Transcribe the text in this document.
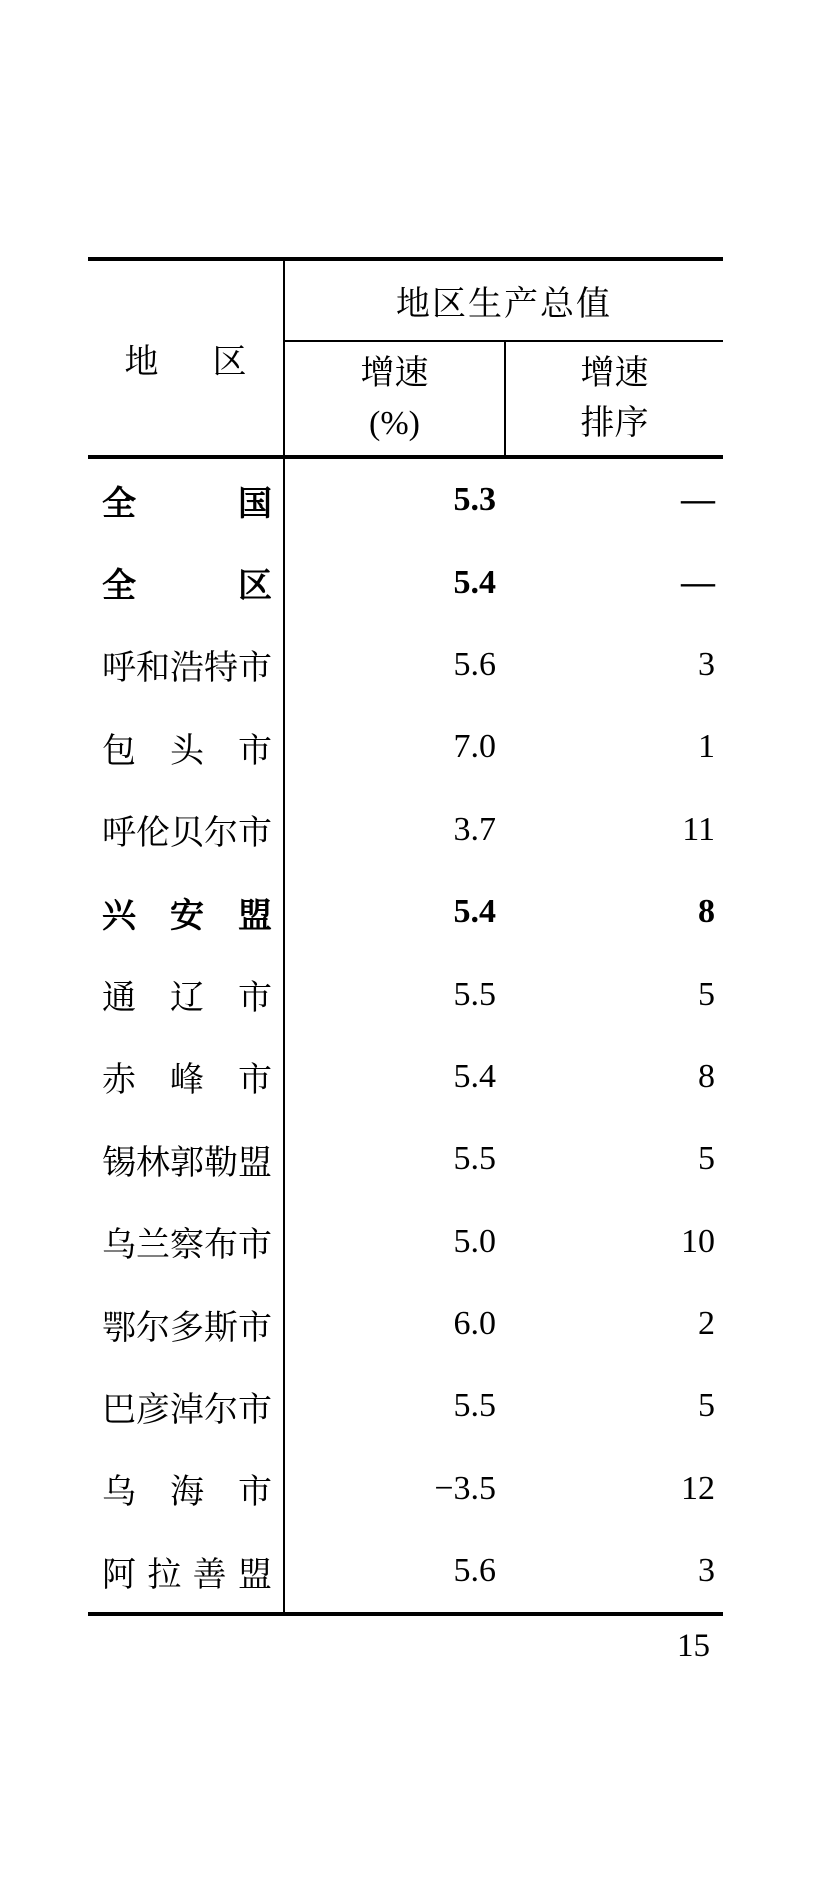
地区
地区生产总值
增速
(%)
增速
排序
全国	5.3	—
全区	5.4	—
呼和浩特市	5.6	3
包头市	7.0	1
呼伦贝尔市	3.7	11
兴安盟	5.4	8
通辽市	5.5	5
赤峰市	5.4	8
锡林郭勒盟	5.5	5
乌兰察布市	5.0	10
鄂尔多斯市	6.0	2
巴彦淖尔市	5.5	5
乌海市	−3.5	12
阿拉善盟	5.6	3
15
